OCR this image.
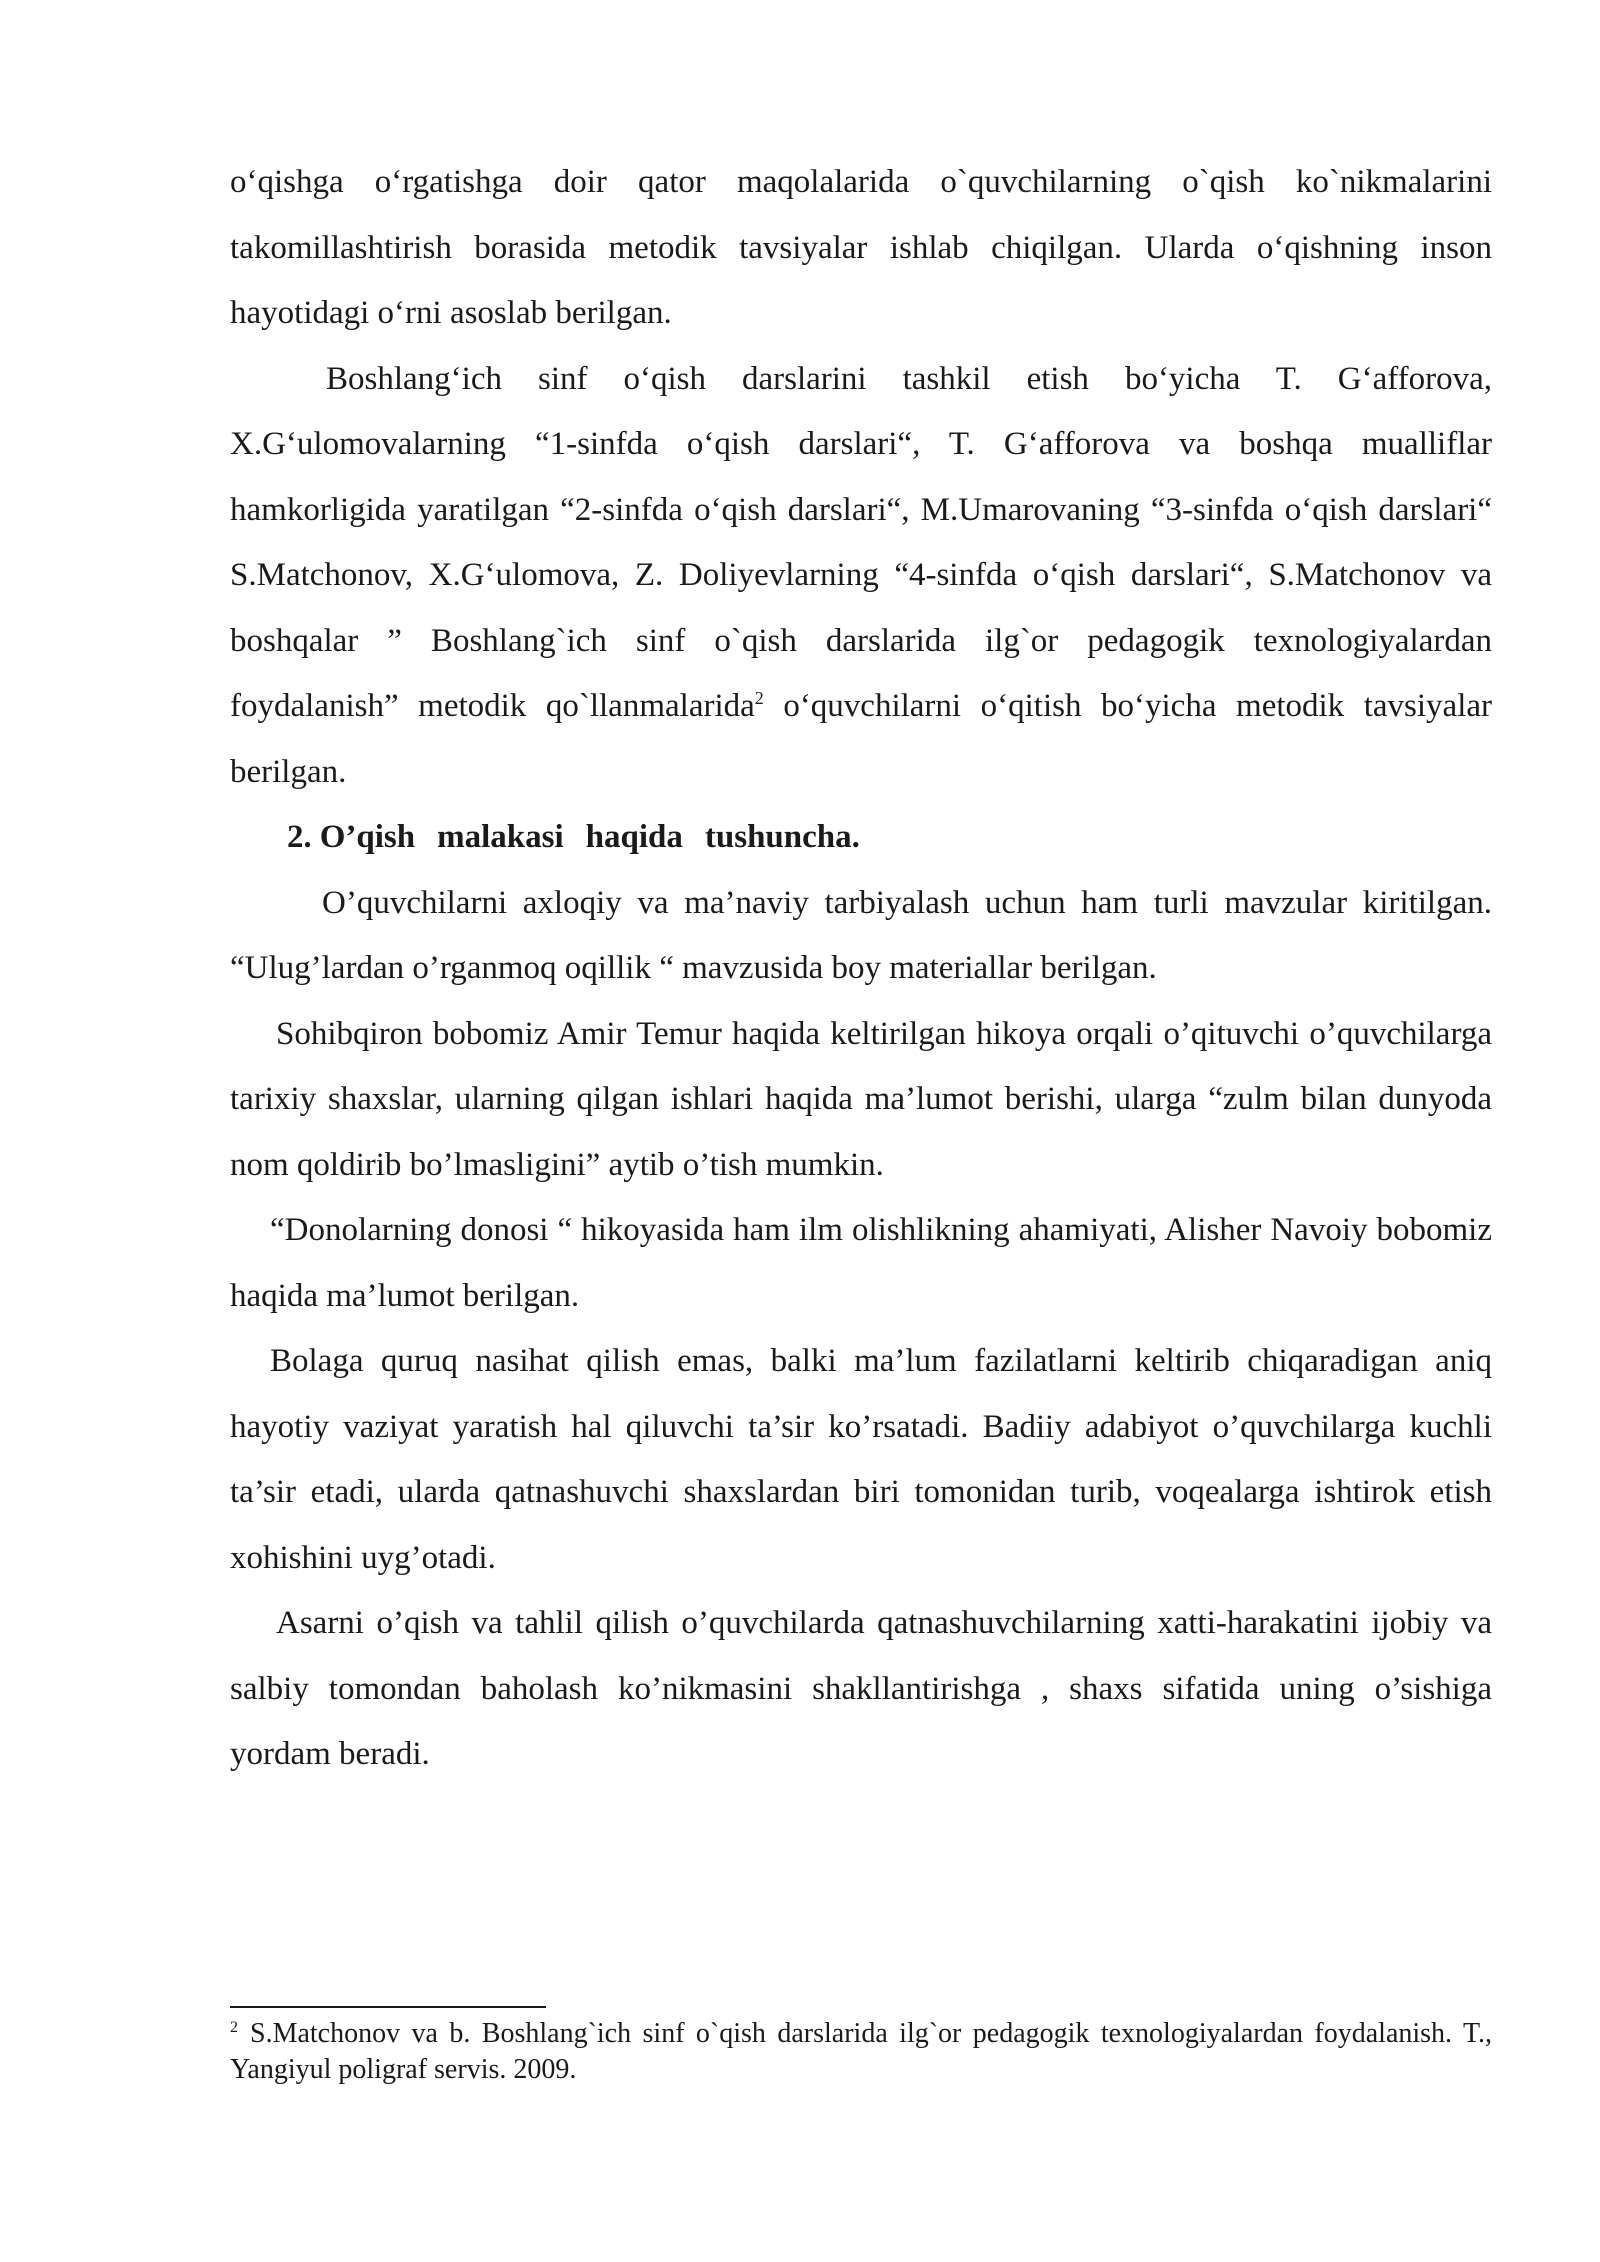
o‘qishga o‘rgatishga doir qator maqolalarida o`quvchilarning o`qish ko`nikmalarini takomillashtirish borasida metodik tavsiyalar ishlab chiqilgan. Ularda o‘qishning inson hayotidagi o‘rni asoslab berilgan.

Boshlang‘ich sinf o‘qish darslarini tashkil etish bo‘yicha T. G‘afforova, X.G‘ulomovalarning “1-sinfda o‘qish darslari“, T. G‘afforova va boshqa mualliflar hamkorligida yaratilgan “2-sinfda o‘qish darslari“, M.Umarovaning “3-sinfda o‘qish darslari“ S.Matchonov, X.G‘ulomova, Z. Doliyevlarning “4-sinfda o‘qish darslari“, S.Matchonov va boshqalar ” Boshlang`ich sinf o`qish darslarida ilg`or pedagogik texnologiyalardan foydalanish” metodik qo`llanmalarida$^2$ o‘quvchilarni o‘qitish bo‘yicha metodik tavsiyalar berilgan.

2. O’qish malakasi haqida tushuncha.

O’quvchilarni axloqiy va ma’naviy tarbiyalash uchun ham turli mavzular kiritilgan. “Ulug’lardan o’rganmoq oqillik “ mavzusida boy materiallar berilgan.

Sohibqiron bobomiz Amir Temur haqida keltirilgan hikoya orqali o’qituvchi o’quvchilarga tarixiy shaxslar, ularning qilgan ishlari haqida ma’lumot berishi, ularga “zulm bilan dunyoda nom qoldirib bo’lmasligini” aytib o’tish mumkin.

“Donolarning donosi “ hikoyasida ham ilm olishlikning ahamiyati, Alisher Navoiy bobomiz haqida ma’lumot berilgan.

Bolaga quruq nasihat qilish emas, balki ma’lum fazilatlarni keltirib chiqaradigan aniq hayotiy vaziyat yaratish hal qiluvchi ta’sir ko’rsatadi. Badiiy adabiyot o’quvchilarga kuchli ta’sir etadi, ularda qatnashuvchi shaxslardan biri tomonidan turib, voqealarga ishtirok etish xohishini uyg’otadi.

Asarni o’qish va tahlil qilish o’quvchilarda qatnashuvchilarning xatti-harakatini ijobiy va salbiy tomondan baholash ko’nikmasini shakllantirishga , shaxs sifatida uning o’sishiga yordam beradi.

$^2$ S.Matchonov va b. Boshlang`ich sinf o`qish darslarida ilg`or pedagogik texnologiyalardan foydalanish. T., Yangiyul poligraf servis. 2009.
